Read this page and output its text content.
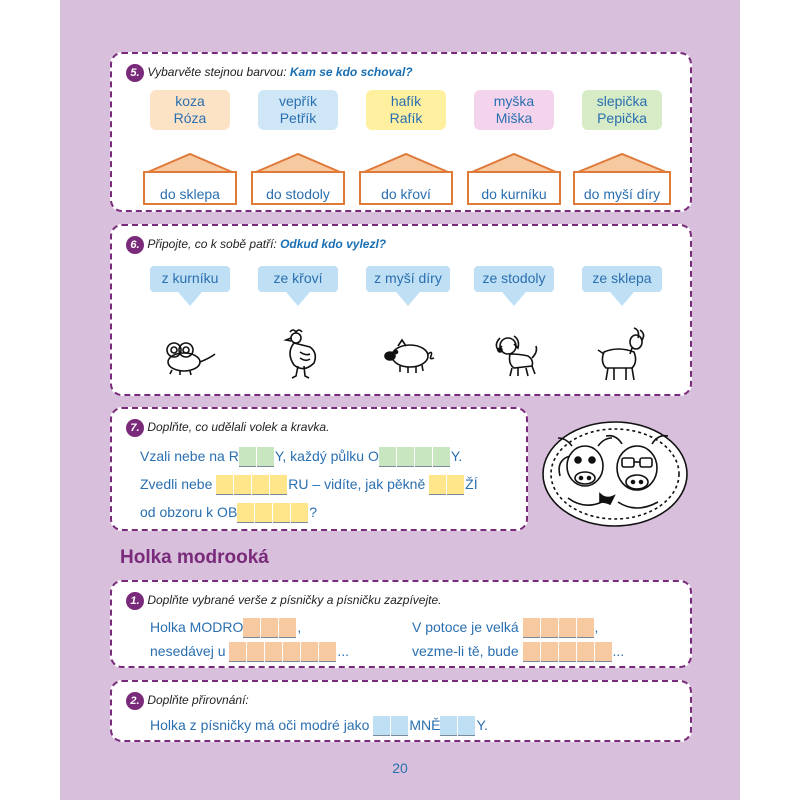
5. Vybarvěte stejnou barvou: Kam se kdo schoval?
koza
Róza
vepřík
Petřík
hafík
Rafík
myška
Miška
slepička
Pepička
do sklepa	do stodoly	do křoví	do kurníku	do myší díry
6. Připojte, co k sobě patří: Odkud kdo vylezl?
z kurníku	ze křoví	z myší díry	ze stodoly	ze sklepa
7. Doplňte, co udělali volek a kravka.
Vzali nebe na R	Y, každý půlku O	Y.
Zvedli nebe	RU – vidíte, jak pěkně	ŽÍ
od obzoru k OB	?
Holka modrooká
1. Doplňte vybrané verše z písničky a písničku zazpívejte.
Holka MODRO	,
nesedávej u	...
V potoce je velká	,
vezme-li tě, bude	...
2. Doplňte přirovnání:
Holka z písničky má oči modré jako	MNĚ	Y.
20
